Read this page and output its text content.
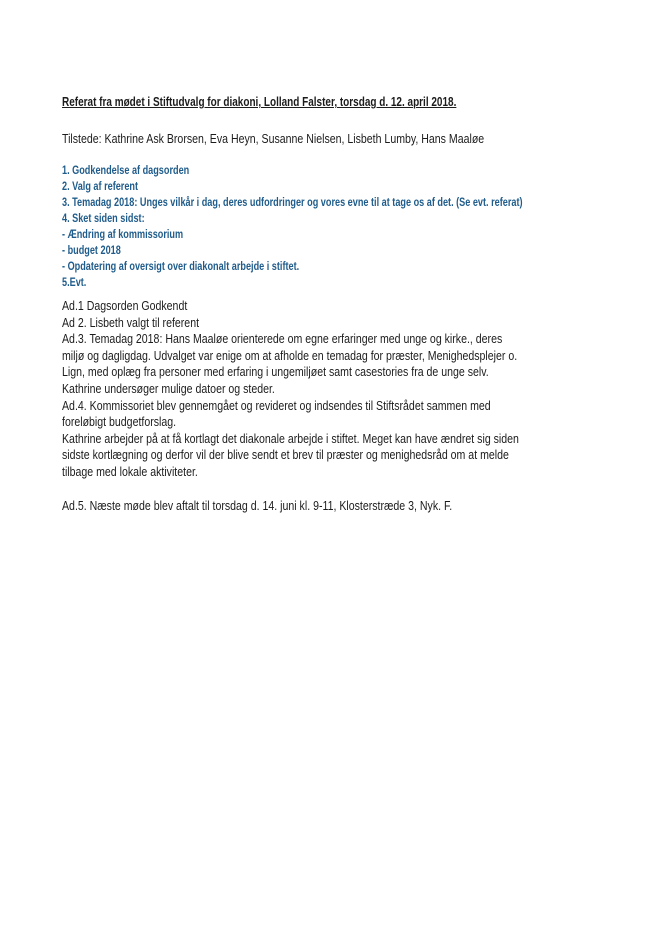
Referat fra mødet i Stiftudvalg for diakoni, Lolland Falster, torsdag d. 12. april 2018.
Tilstede: Kathrine Ask Brorsen, Eva Heyn, Susanne Nielsen, Lisbeth Lumby, Hans Maaløe
1. Godkendelse af dagsorden
2. Valg af referent
3. Temadag 2018: Unges vilkår i dag, deres udfordringer og vores evne til at tage os af det. (Se evt. referat)
4. Sket siden sidst:
- Ændring af kommissorium
- budget 2018
- Opdatering af oversigt over diakonalt arbejde i stiftet.
5.Evt.
Ad.1 Dagsorden Godkendt
Ad 2. Lisbeth valgt til referent
Ad.3. Temadag 2018: Hans Maaløe orienterede om egne erfaringer med unge og kirke., deres
miljø og dagligdag. Udvalget var enige om at afholde en temadag for præster, Menighedsplejer o.
Lign, med oplæg fra personer med erfaring i ungemiljøet samt casestories fra de unge selv.
Kathrine undersøger mulige datoer og steder.
Ad.4. Kommissoriet blev gennemgået og revideret og indsendes til Stiftsrådet sammen med
foreløbigt budgetforslag.
Kathrine arbejder på at få kortlagt det diakonale arbejde i stiftet. Meget kan have ændret sig siden
sidste kortlægning og derfor vil der blive sendt et brev til præster og menighedsråd om at melde
tilbage med lokale aktiviteter.
Ad.5. Næste møde blev aftalt til torsdag d. 14. juni kl. 9-11, Klosterstræde 3, Nyk. F.
